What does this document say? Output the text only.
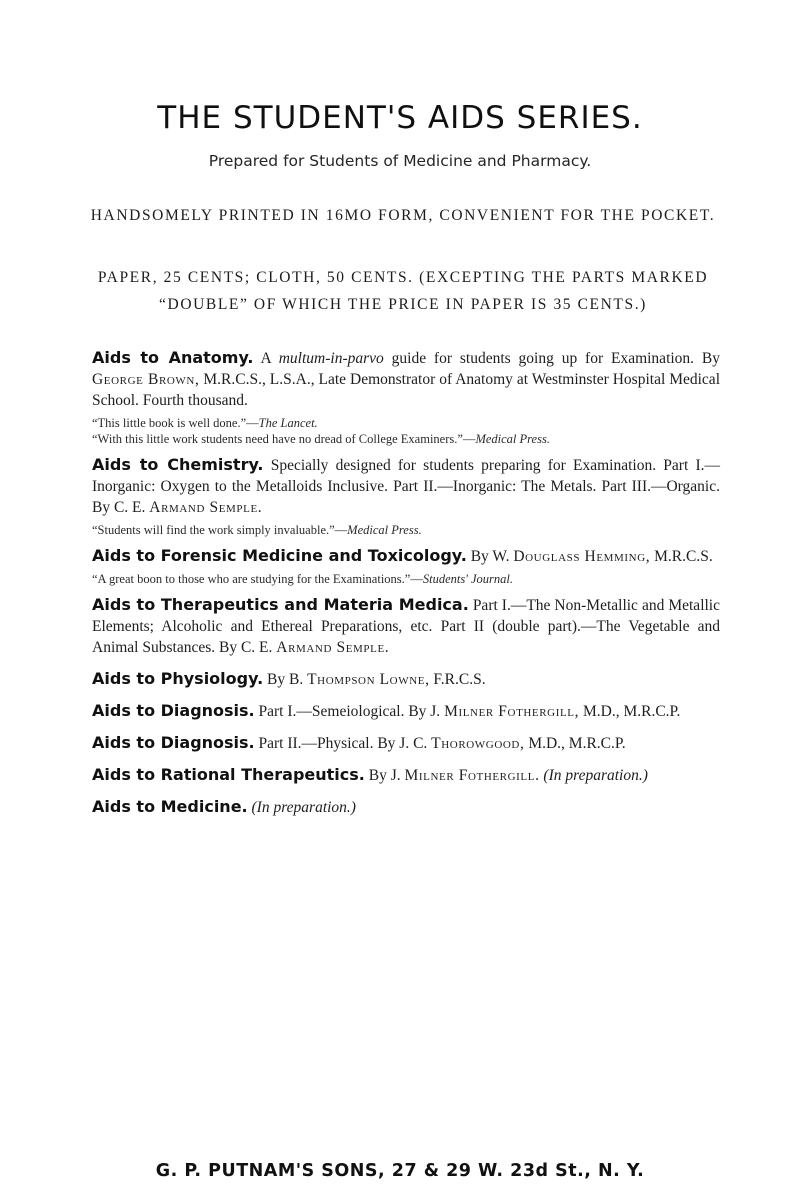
THE STUDENT'S AIDS SERIES.
Prepared for Students of Medicine and Pharmacy.
HANDSOMELY PRINTED IN 16MO FORM, CONVENIENT FOR THE POCKET.
PAPER, 25 CENTS; CLOTH, 50 CENTS. (EXCEPTING THE PARTS MARKED “DOUBLE” OF WHICH THE PRICE IN PAPER IS 35 CENTS.)
Aids to Anatomy. A multum-in-parvo guide for students going up for Examination. By George Brown, M.R.C.S., L.S.A., Late Demonstrator of Anatomy at Westminster Hospital Medical School. Fourth thousand.
“This little book is well done.”—The Lancet.
“With this little work students need have no dread of College Examiners.”—Medical Press.
Aids to Chemistry. Specially designed for students preparing for Examination. Part I.—Inorganic: Oxygen to the Metalloids Inclusive. Part II.—Inorganic: The Metals. Part III.—Organic. By C. E. Armand Semple.
“Students will find the work simply invaluable.”—Medical Press.
Aids to Forensic Medicine and Toxicology. By W. Douglass Hemming, M.R.C.S.
“A great boon to those who are studying for the Examinations.”—Students' Journal.
Aids to Therapeutics and Materia Medica. Part I.—The Non-Metallic and Metallic Elements; Alcoholic and Ethereal Preparations, etc. Part II (double part).—The Vegetable and Animal Substances. By C. E. Armand Semple.
Aids to Physiology. By B. Thompson Lowne, F.R.C.S.
Aids to Diagnosis. Part I.—Semeiological. By J. Milner Fothergill, M.D., M.R.C.P.
Aids to Diagnosis. Part II.—Physical. By J. C. Thorowgood, M.D., M.R.C.P.
Aids to Rational Therapeutics. By J. Milner Fothergill. (In preparation.)
Aids to Medicine. (In preparation.)
G. P. PUTNAM'S SONS, 27 & 29 W. 23d St., N. Y.
